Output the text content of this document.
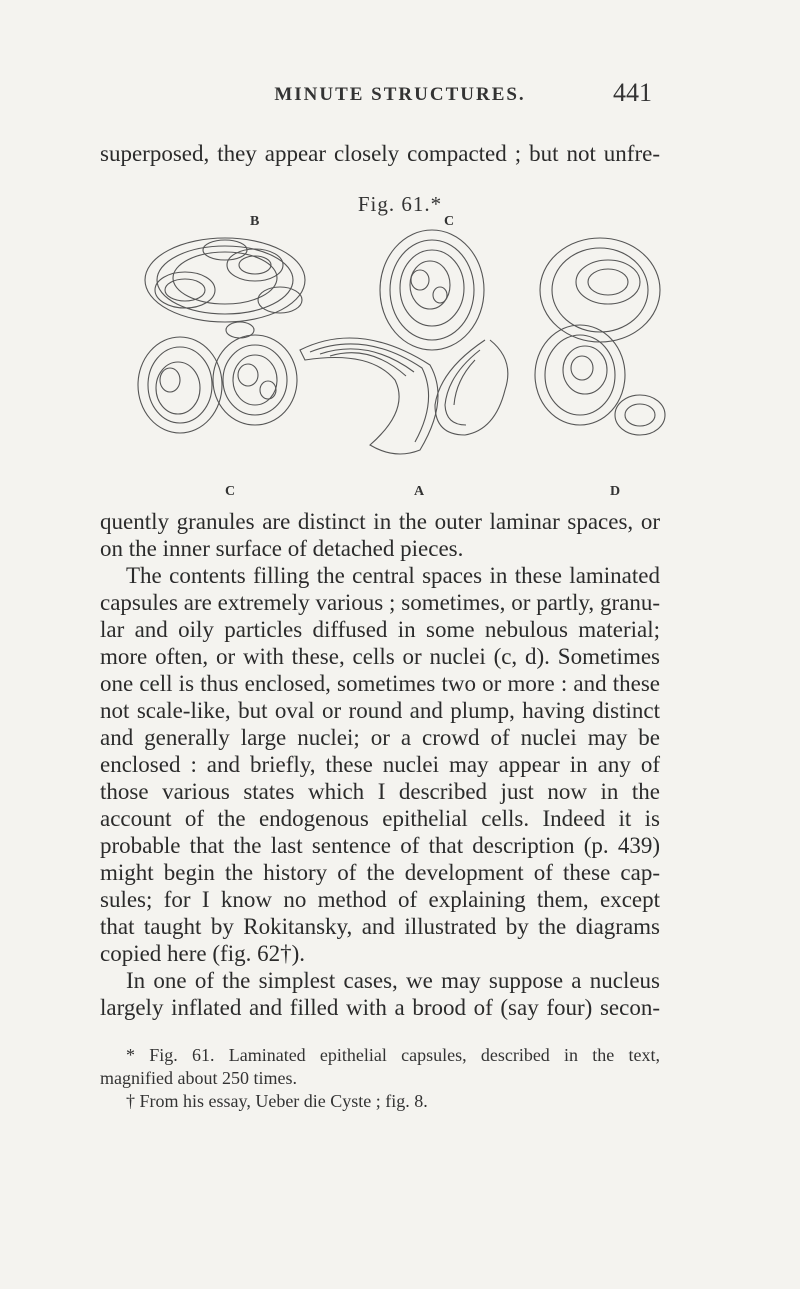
MINUTE STRUCTURES.	441
superposed, they appear closely compacted ; but not unfre-
Fig. 61.*
B	C
C	A	D
quently granules are distinct in the outer laminar spaces, or
on the inner surface of detached pieces.
The contents filling the central spaces in these laminated
capsules are extremely various ; sometimes, or partly, granu-
lar and oily particles diffused in some nebulous material;
more often, or with these, cells or nuclei (c, d). Sometimes
one cell is thus enclosed, sometimes two or more : and these
not scale-like, but oval or round and plump, having distinct
and generally large nuclei; or a crowd of nuclei may be
enclosed : and briefly, these nuclei may appear in any of
those various states which I described just now in the
account of the endogenous epithelial cells. Indeed it is
probable that the last sentence of that description (p. 439)
might begin the history of the development of these cap-
sules; for I know no method of explaining them, except
that taught by Rokitansky, and illustrated by the diagrams
copied here (fig. 62†).
In one of the simplest cases, we may suppose a nucleus
largely inflated and filled with a brood of (say four) secon-
* Fig. 61. Laminated epithelial capsules, described in the text,
magnified about 250 times.
† From his essay, Ueber die Cyste ; fig. 8.
